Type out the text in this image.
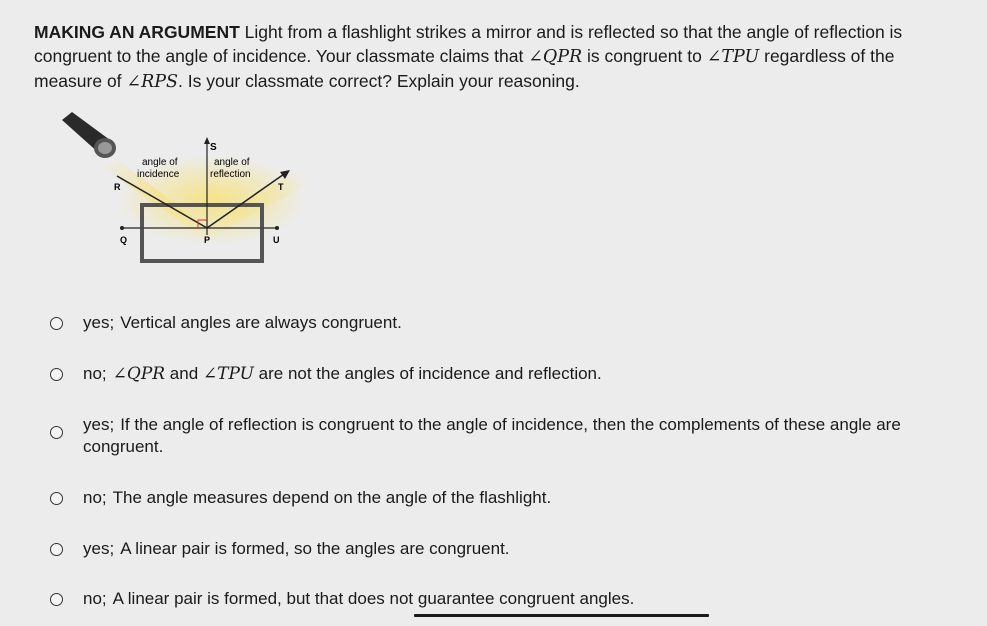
MAKING AN ARGUMENT Light from a flashlight strikes a mirror and is reflected so that the angle of reflection is congruent to the angle of incidence. Your classmate claims that ∠QPR is congruent to ∠TPU regardless of the measure of ∠RPS. Is your classmate correct? Explain your reasoning.
S
R	T
Q	P	U
angle of
incidence
angle of
reflection
yes; Vertical angles are always congruent.
no; ∠QPR and ∠TPU are not the angles of incidence and reflection.
yes; If the angle of reflection is congruent to the angle of incidence, then the complements of these angle are congruent.
no; The angle measures depend on the angle of the flashlight.
yes; A linear pair is formed, so the angles are congruent.
no; A linear pair is formed, but that does not guarantee congruent angles.
